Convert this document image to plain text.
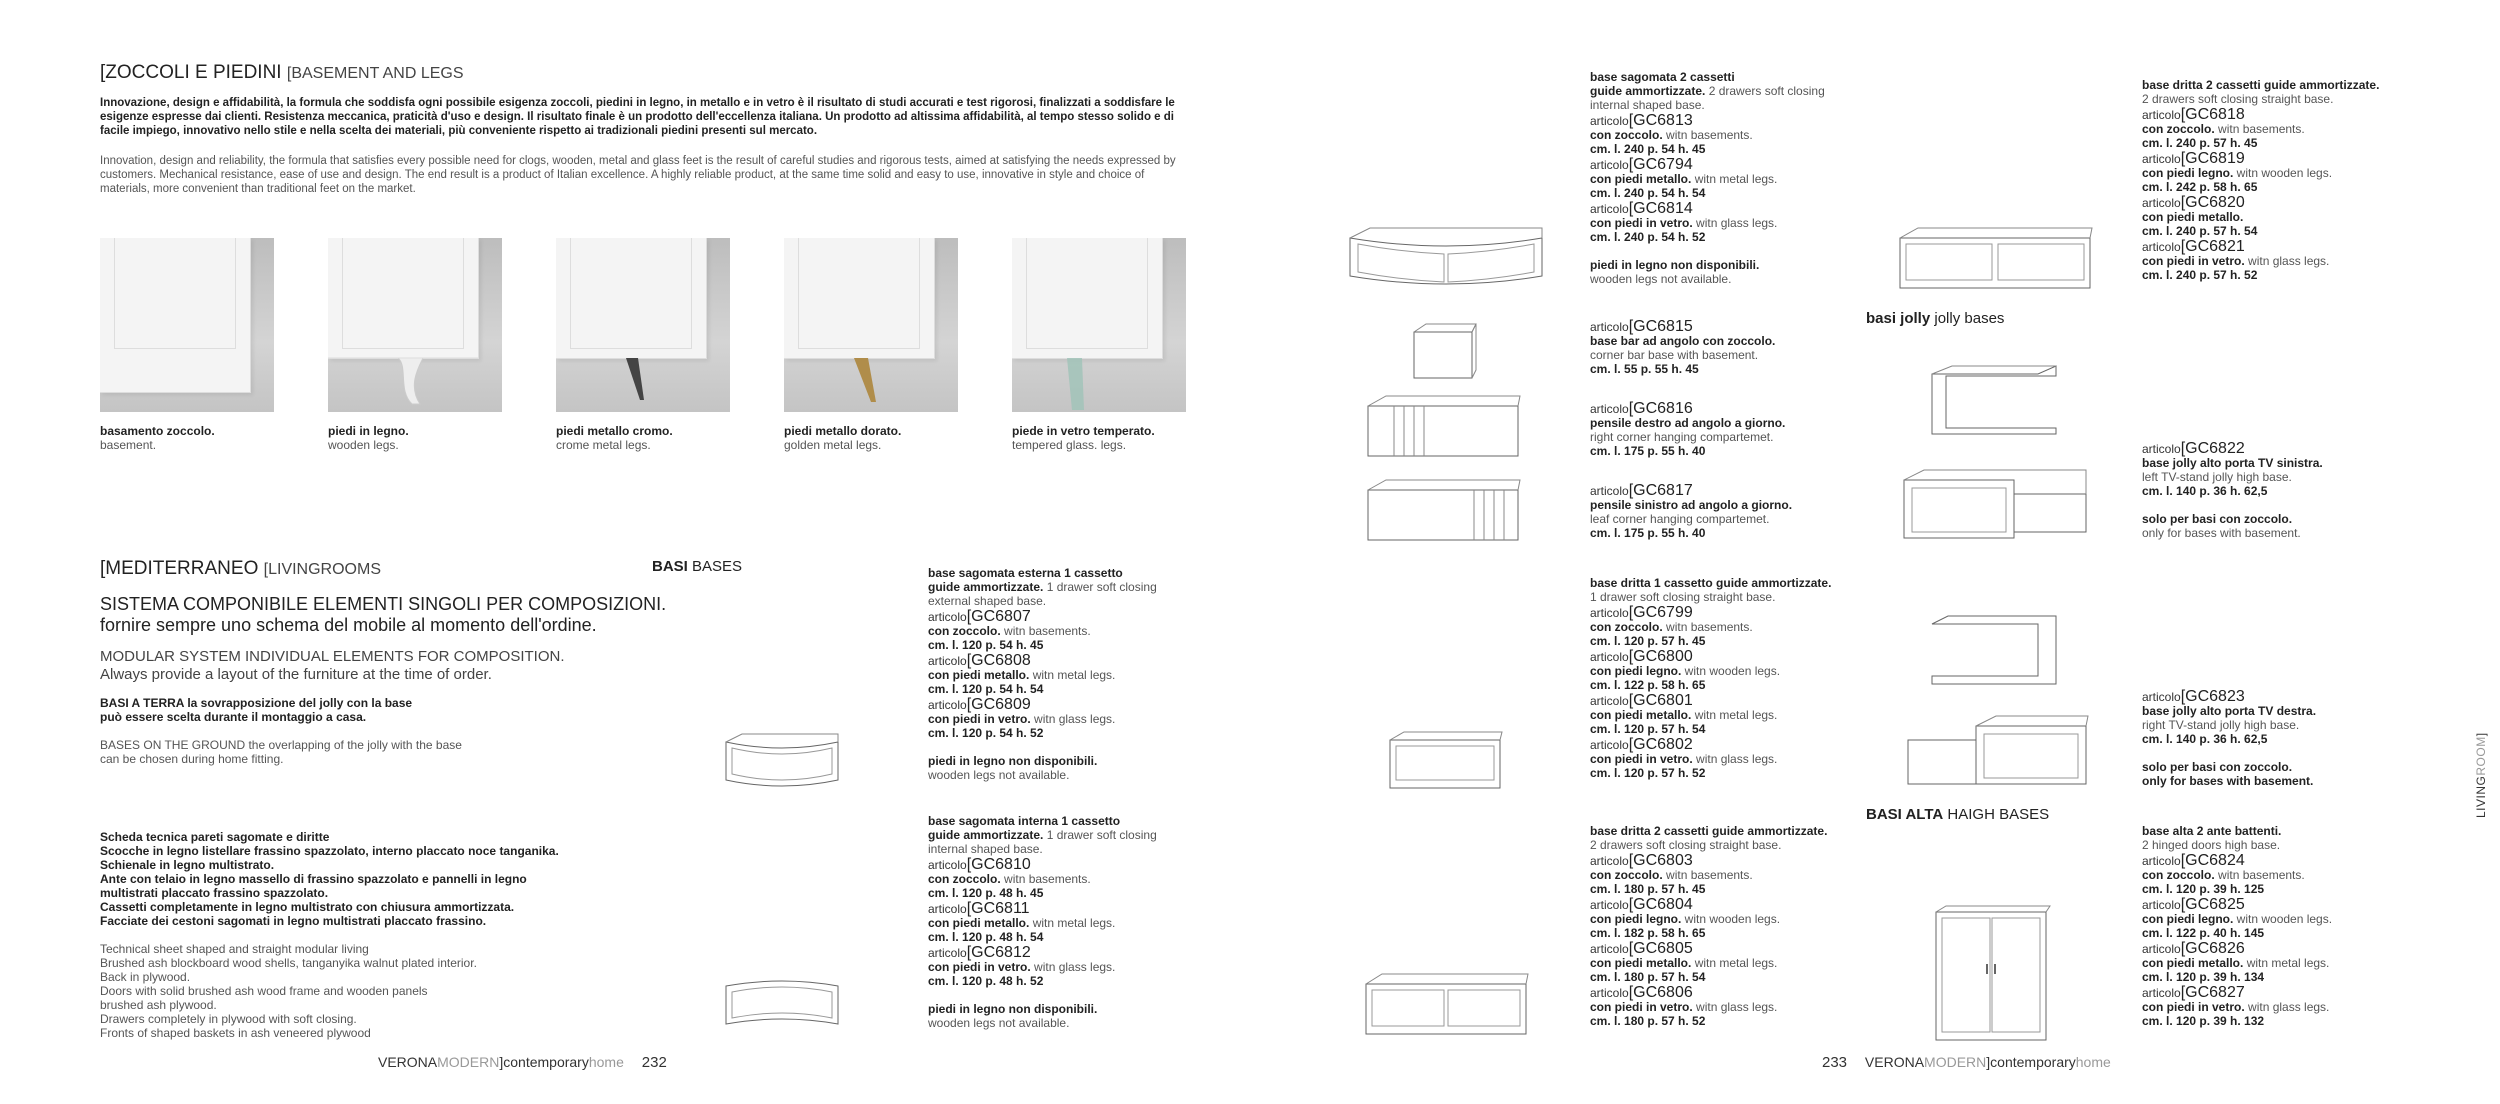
[ZOCCOLI E PIEDINI [BASEMENT AND LEGS
Innovazione, design e affidabilità, la formula che soddisfa ogni possibile esigenza zoccoli, piedini in legno, in metallo e in vetro è il risultato di studi accurati e test rigorosi, finalizzati a soddisfare le esigenze espresse dai clienti. Resistenza meccanica, praticità d'uso e design. Il risultato finale è un prodotto dell'eccellenza italiana. Un prodotto ad altissima affidabilità, al tempo stesso solido e di facile impiego, innovativo nello stile e nella scelta dei materiali, più conveniente rispetto ai tradizionali piedini presenti sul mercato.
Innovation, design and reliability, the formula that satisfies every possible need for clogs, wooden, metal and glass feet is the result of careful studies and rigorous tests, aimed at satisfying the needs expressed by customers. Mechanical resistance, ease of use and design. The end result is a product of Italian excellence. A highly reliable product, at the same time solid and easy to use, innovative in style and choice of materials, more convenient than traditional feet on the market.
basamento zoccolo.
basement.
piedi in legno.
wooden legs.
piedi metallo cromo.
crome metal legs.
piedi metallo dorato.
golden metal legs.
piede in vetro temperato.
tempered glass. legs.
[MEDITERRANEO [LIVINGROOMS
SISTEMA COMPONIBILE ELEMENTI SINGOLI PER COMPOSIZIONI.
fornire sempre uno schema del mobile al momento dell'ordine.
MODULAR SYSTEM INDIVIDUAL ELEMENTS FOR COMPOSITION.
Always provide a layout of the furniture at the time of order.
BASI A TERRA la sovrapposizione del jolly con la base
può essere scelta durante il montaggio a casa.
BASES ON THE GROUND the overlapping of the jolly with the base
can be chosen during home fitting.
Scheda tecnica pareti sagomate e diritte
Scocche in legno listellare frassino spazzolato, interno placcato noce tanganika.
Schienale in legno multistrato.
Ante con telaio in legno massello di frassino spazzolato e pannelli in legno
multistrati placcato frassino spazzolato.
Cassetti completamente in legno multistrato con chiusura ammortizzata.
Facciate dei cestoni sagomati in legno multistrati placcato frassino.
Technical sheet shaped and straight modular living
Brushed ash blockboard wood shells, tanganyika walnut plated interior.
Back in plywood.
Doors with solid brushed ash wood frame and wooden panels
brushed ash plywood.
Drawers completely in plywood with soft closing.
Fronts of shaped baskets in ash veneered plywood
BASI BASES	base sagomata esterna 1 cassetto
guide ammortizzate. 1 drawer soft closing
external shaped base.
articolo[GC6807
con zoccolo. witn basements.
cm. l. 120 p. 54 h. 45
articolo[GC6808
con piedi metallo. witn metal legs.
cm. l. 120 p. 54 h. 54
articolo[GC6809
con piedi in vetro. witn glass legs.
cm. l. 120 p. 54 h. 52
piedi in legno non disponibili.
wooden legs not available.
base sagomata interna 1 cassetto
guide ammortizzate. 1 drawer soft closing
internal shaped base.
articolo[GC6810
con zoccolo. witn basements.
cm. l. 120 p. 48 h. 45
articolo[GC6811
con piedi metallo. witn metal legs.
cm. l. 120 p. 48 h. 54
articolo[GC6812
con piedi in vetro. witn glass legs.
cm. l. 120 p. 48 h. 52
piedi in legno non disponibili.
wooden legs not available.
VERONAMODERN]contemporaryhome 232
base sagomata 2 cassetti
guide ammortizzate. 2 drawers soft closing
internal shaped base.
articolo[GC6813
con zoccolo. witn basements.
cm. l. 240 p. 54 h. 45
articolo[GC6794
con piedi metallo. witn metal legs.
cm. l. 240 p. 54 h. 54
articolo[GC6814
con piedi in vetro. witn glass legs.
cm. l. 240 p. 54 h. 52
piedi in legno non disponibili.
wooden legs not available.
articolo[GC6815
base bar ad angolo con zoccolo.
corner bar base with basement.
cm. l. 55 p. 55 h. 45
articolo[GC6816
pensile destro ad angolo a giorno.
right corner hanging compartemet.
cm. l. 175 p. 55 h. 40
articolo[GC6817
pensile sinistro ad angolo a giorno.
leaf corner hanging compartemet.
cm. l. 175 p. 55 h. 40
base dritta 1 cassetto guide ammortizzate.
1 drawer soft closing straight base.
articolo[GC6799
con zoccolo. witn basements.
cm. l. 120 p. 57 h. 45
articolo[GC6800
con piedi legno. witn wooden legs.
cm. l. 122 p. 58 h. 65
articolo[GC6801
con piedi metallo. witn metal legs.
cm. l. 120 p. 57 h. 54
articolo[GC6802
con piedi in vetro. witn glass legs.
cm. l. 120 p. 57 h. 52
base dritta 2 cassetti guide ammortizzate.
2 drawers soft closing straight base.
articolo[GC6803
con zoccolo. witn basements.
cm. l. 180 p. 57 h. 45
articolo[GC6804
con piedi legno. witn wooden legs.
cm. l. 182 p. 58 h. 65
articolo[GC6805
con piedi metallo. witn metal legs.
cm. l. 180 p. 57 h. 54
articolo[GC6806
con piedi in vetro. witn glass legs.
cm. l. 180 p. 57 h. 52
basi jolly jolly bases
BASI ALTA HAIGH BASES
base dritta 2 cassetti guide ammortizzate.
2 drawers soft closing straight base.
articolo[GC6818
con zoccolo. witn basements.
cm. l. 240 p. 57 h. 45
articolo[GC6819
con piedi legno. witn wooden legs.
cm. l. 242 p. 58 h. 65
articolo[GC6820
con piedi metallo.
cm. l. 240 p. 57 h. 54
articolo[GC6821
con piedi in vetro. witn glass legs.
cm. l. 240 p. 57 h. 52
articolo[GC6822
base jolly alto porta TV sinistra.
left TV-stand jolly high base.
cm. l. 140 p. 36 h. 62,5
solo per basi con zoccolo.
only for bases with basement.
articolo[GC6823
base jolly alto porta TV destra.
right TV-stand jolly high base.
cm. l. 140 p. 36 h. 62,5
solo per basi con zoccolo.
only for bases with basement.
base alta 2 ante battenti.
2 hinged doors high base.
articolo[GC6824
con zoccolo. witn basements.
cm. l. 120 p. 39 h. 125
articolo[GC6825
con piedi legno. witn wooden legs.
cm. l. 122 p. 40 h. 145
articolo[GC6826
con piedi metallo. witn metal legs.
cm. l. 120 p. 39 h. 134
articolo[GC6827
con piedi in vetro. witn glass legs.
cm. l. 120 p. 39 h. 132
233 VERONAMODERN]contemporaryhome
LIVINGROOM]
